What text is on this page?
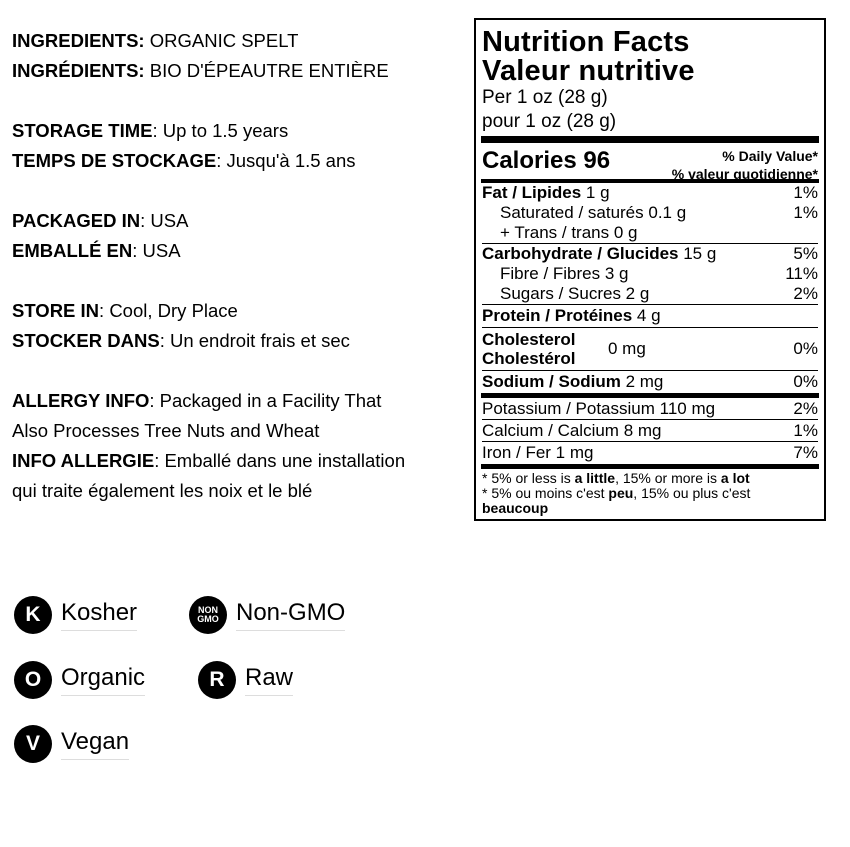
INGREDIENTS: ORGANIC SPELT
INGRÉDIENTS: BIO D'ÉPEAUTRE ENTIÈRE
STORAGE TIME: Up to 1.5 years
TEMPS DE STOCKAGE: Jusqu'à 1.5 ans
PACKAGED IN: USA
EMBALLÉ EN: USA
STORE IN: Cool, Dry Place
STOCKER DANS: Un endroit frais et sec
ALLERGY INFO: Packaged in a Facility That
Also Processes Tree Nuts and Wheat
INFO ALLERGIE: Emballé dans une installation
qui traite également les noix et le blé
Nutrition Facts
Valeur nutritive
Per 1 oz (28 g)
pour 1 oz (28 g)
Calories 96	% Daily Value*
% valeur quotidienne*
Fat / Lipides 1 g	1%
Saturated / saturés 0.1 g	1%
+ Trans / trans 0 g
Carbohydrate / Glucides 15 g	5%
Fibre / Fibres 3 g	11%
Sugars / Sucres 2 g	2%
Protein / Protéines 4 g
Cholesterol
Cholestérol
0 mg	0%
Sodium / Sodium 2 mg	0%
Potassium / Potassium 110 mg	2%
Calcium / Calcium 8 mg	1%
Iron / Fer 1 mg	7%
* 5% or less is a little, 15% or more is a lot
* 5% ou moins c'est peu, 15% ou plus c'est
beaucoup
K Kosher	NON
GMO Non-GMO
O Organic	R Raw
V Vegan
